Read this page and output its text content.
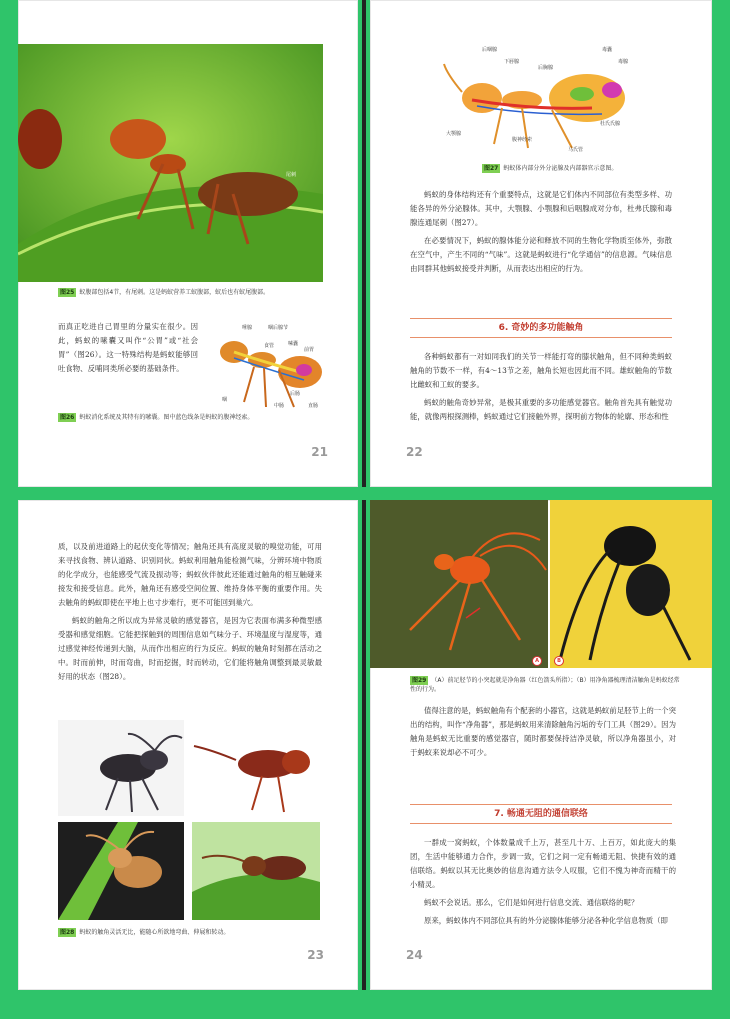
尾刺
图25 蚁腹部包括4节，有尾刺。这是蚂蚁营养工蚁腹部，蚁后也有蚁尾腹部。

而真正吃进自己胃里的分量实在很少。因此，蚂蚁的嗉囊又叫作“公胃”或“社会胃”（图26）。这一特殊结构是蚂蚁能够回吐食物、反哺同类所必要的基础条件。

唾腺	咽后腺节
食管	嗉囊
前胃
咽
中肠
后肠
直肠
图26 蚂蚁消化系统及其特有的嗉囊。图中蓝色线条是蚂蚁的腹神经索。
21
后咽腺
下唇腺
后胸腺
毒囊
毒腺
大颚腺
腹神经索
杜氏氏腺
马氏管
图27 蚂蚁体内部分外分泌腺及内部器官示意图。

蚂蚁的身体结构还有个重要特点，这就是它们体内不同部位有类型多样、功能各异的外分泌腺体。其中，大颚腺、小颚腺和后咽腺成对分布，杜弗氏腺和毒腺连通尾刺（图27）。

在必要情况下，蚂蚁的腺体能分泌和释放不同的生物化学物质至体外，弥散在空气中，产生不同的“气味”。这就是蚂蚁进行“化学通信”的信息源。气味信息由同群其他蚂蚁接受并判断，从而表达出相应的行为。

6. 奇妙的多功能触角

各种蚂蚁都有一对如同我们的关节一样能打弯的膝状触角，但不同种类蚂蚁触角的节数不一样，有4～13节之差，触角长短也因此而不同。雄蚁触角的节数比雌蚁和工蚁的要多。

蚂蚁的触角奇妙异常，是极其重要的多功能感觉器官。触角首先具有触觉功能，就像两根探测棒，蚂蚁通过它们接触外界，探明前方物体的轮廓、形态和性

22

质，以及前进道路上的起伏变化等情况；触角还具有高度灵敏的嗅觉功能，可用来寻找食物、辨认道路、识别同伙。蚂蚁利用触角能检测气味，分辨环境中物质的化学成分，也能感受气流及振动等；蚂蚁伙伴彼此还能通过触角的相互触碰来接发和接受信息。此外，触角还有感受空间位置、维持身体平衡的重要作用。失去触角的蚂蚁即使在平地上也寸步难行，更不可能回到巢穴。

蚂蚁的触角之所以成为异常灵敏的感觉器官，是因为它表面布满多种微型感受器和感觉细胞。它能把探触到的周围信息如气味分子、环境温度与湿度等，通过感觉神经传递到大脑，从而作出相应的行为反应。蚂蚁的触角时刻都在活动之中。时而前伸，时而弯曲，时而挖掘，时而转动，它们能将触角调整到最灵敏最好用的状态（图28）。

图28 蚂蚁的触角灵活无比，能随心所欲地弯曲、伸展和转动。
23
A	B
图29 （A）前足胫节的小突起就是净角器（红色箭头所指）；（B）用净角器梳理清洁触角是蚂蚁经常性的行为。

值得注意的是，蚂蚁触角有个配套的小器官，这就是蚂蚁前足胫节上的一个突出的结构，叫作“净角器”，那是蚂蚁用来清除触角污垢的专门工具（图29）。因为触角是蚂蚁无比重要的感觉器官，随时都要保持洁净灵敏，所以净角器虽小，对于蚂蚁来说却必不可少。

7. 畅通无阻的通信联络

一群成一窝蚂蚁，个体数量成千上万，甚至几十万、上百万，如此庞大的集团，生活中能够通力合作，步调一致，它们之间一定有畅通无阻、快捷有效的通信联络。蚂蚁以其无比奥妙的信息沟通方法令人叹服，它们不愧为神奇而精干的小精灵。

蚂蚁不会说话。那么，它们是如何进行信息交流、通信联络的呢？

原来，蚂蚁体内不同部位具有的外分泌腺体能够分泌各种化学信息物质（即

24
